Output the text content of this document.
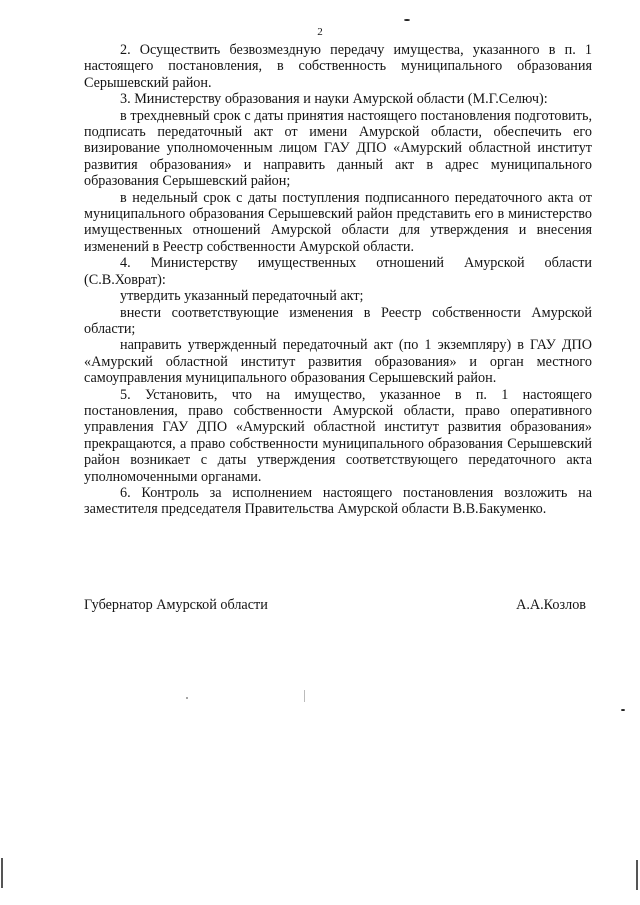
2

2. Осуществить безвозмездную передачу имущества, указанного в п. 1 настоящего постановления, в собственность муниципального образования Серышевский район.

3. Министерству образования и науки Амурской области (М.Г.Селюч):

в трехдневный срок с даты принятия настоящего постановления подготовить, подписать передаточный акт от имени Амурской области, обеспечить его визирование уполномоченным лицом ГАУ ДПО «Амурский областной институт развития образования» и направить данный акт в адрес муниципального образования Серышевский район;

в недельный срок с даты поступления подписанного передаточного акта от муниципального образования Серышевский район представить его в министерство имущественных отношений Амурской области для утверждения и внесения изменений в Реестр собственности Амурской области.

4. Министерству имущественных отношений Амурской области (С.В.Ховрат):

утвердить указанный передаточный акт;

внести соответствующие изменения в Реестр собственности Амурской области;

направить утвержденный передаточный акт (по 1 экземпляру) в ГАУ ДПО «Амурский областной институт развития образования» и орган местного самоуправления муниципального образования Серышевский район.

5. Установить, что на имущество, указанное в п. 1 настоящего постановления, право собственности Амурской области, право оперативного управления ГАУ ДПО «Амурский областной институт развития образования» прекращаются, а право собственности муниципального образования Серышевский район возникает с даты утверждения соответствующего передаточного акта уполномоченными органами.

6. Контроль за исполнением настоящего постановления возложить на заместителя председателя Правительства Амурской области В.В.Бакуменко.

Губернатор Амурской области	А.А.Козлов
